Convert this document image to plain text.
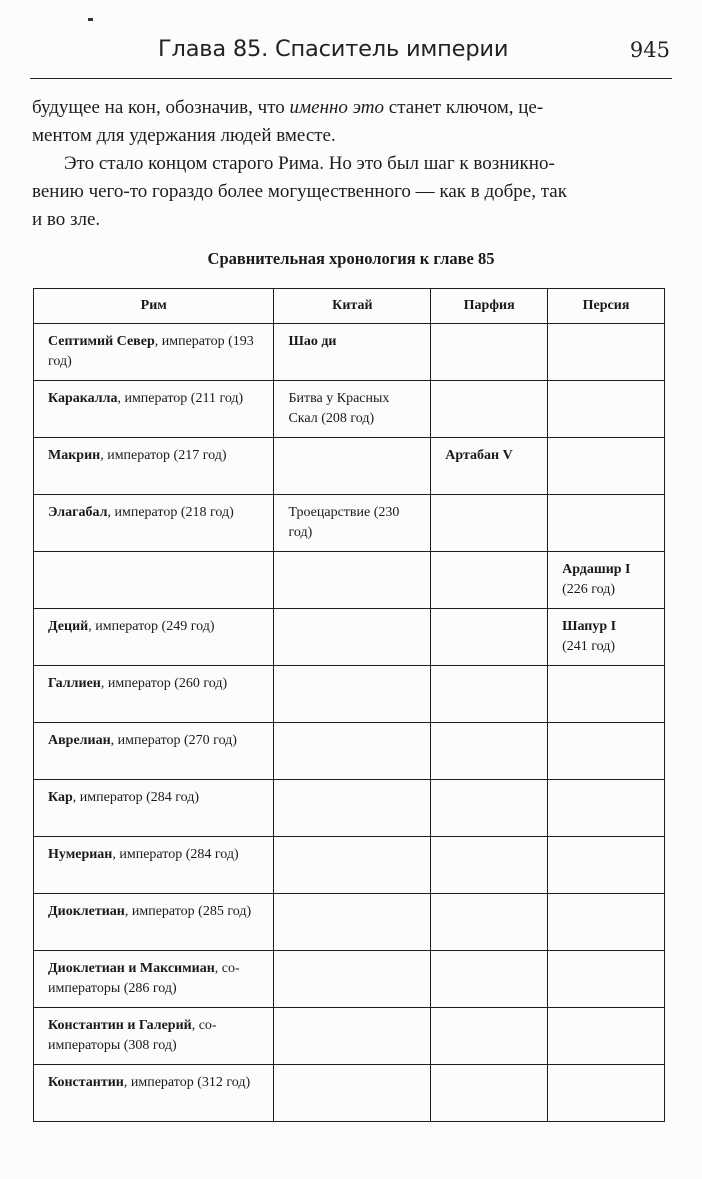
Глава 85. Спаситель империи	945
будущее на кон, обозначив, что именно это станет ключом, це-
ментом для удержания людей вместе.
Это стало концом старого Рима. Но это был шаг к возникно-
вению чего-то гораздо более могущественного — как в добре, так
и во зле.
Сравнительная хронология к главе 85
Рим	Китай	Парфия	Персия

Септимий Север, император (193 год)	Шао ди		

Каракалла, император (211 год)	Битва у Красных Скал (208 год)		

Макрин, император (217 год)		Артабан V	

Элагабал, император (218 год)	Троецарствие (230 год)		

			Ардашир I
(226 год)

Деций, император (249 год)			Шапур I
(241 год)

Галлиен, император (260 год)			

Аврелиан, император (270 год)			

Кар, император (284 год)			

Нумериан, император (284 год)			

Диоклетиан, император (285 год)			

Диоклетиан и Максимиан, со-императоры (286 год)			

Константин и Галерий, со-императоры (308 год)			

Константин, император (312 год)			
